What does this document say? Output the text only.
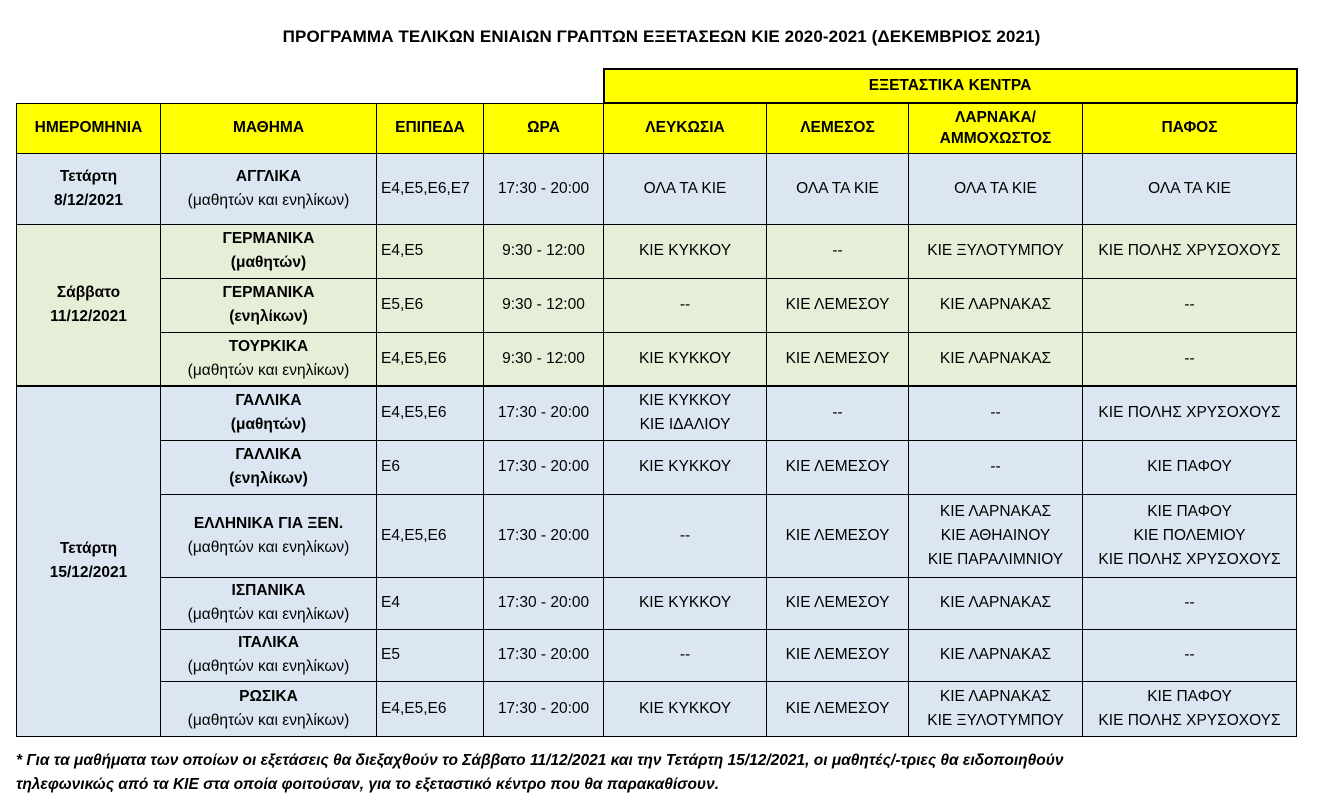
ΠΡΟΓΡΑΜΜΑ ΤΕΛΙΚΩΝ ΕΝΙΑΙΩΝ ΓΡΑΠΤΩΝ ΕΞΕΤΑΣΕΩΝ ΚΙΕ 2020-2021 (ΔΕΚΕΜΒΡΙΟΣ 2021)
				ΕΞΕΤΑΣΤΙΚΑ ΚΕΝΤΡΑ			
ΗΜΕΡΟΜΗΝΙΑ	ΜΑΘΗΜΑ	ΕΠΙΠΕΔΑ	ΩΡΑ	ΛΕΥΚΩΣΙΑ	ΛΕΜΕΣΟΣ	ΛΑΡΝΑΚΑ/
ΑΜΜΟΧΩΣΤΟΣ	ΠΑΦΟΣ

Τετάρτη
8/12/2021	ΑΓΓΛΙΚΑ
(μαθητών και ενηλίκων)	Ε4,Ε5,Ε6,Ε7	17:30 - 20:00	ΟΛΑ ΤΑ ΚΙΕ	ΟΛΑ ΤΑ ΚΙΕ	ΟΛΑ ΤΑ ΚΙΕ	ΟΛΑ ΤΑ ΚΙΕ

Σάββατο
11/12/2021	ΓΕΡΜΑΝΙΚΑ
(μαθητών)	Ε4,Ε5	9:30 - 12:00	ΚΙΕ ΚΥΚΚΟΥ	--	ΚΙΕ ΞΥΛΟΤΥΜΠΟΥ	ΚΙΕ ΠΟΛΗΣ ΧΡΥΣΟΧΟΥΣ

	ΓΕΡΜΑΝΙΚΑ
(ενηλίκων)	Ε5,Ε6	9:30 - 12:00	--	ΚΙΕ ΛΕΜΕΣΟΥ	ΚΙΕ ΛΑΡΝΑΚΑΣ	--

	ΤΟΥΡΚΙΚΑ
(μαθητών και ενηλίκων)	Ε4,Ε5,Ε6	9:30 - 12:00	ΚΙΕ ΚΥΚΚΟΥ	ΚΙΕ ΛΕΜΕΣΟΥ	ΚΙΕ ΛΑΡΝΑΚΑΣ	--

Τετάρτη
15/12/2021	ΓΑΛΛΙΚΑ
(μαθητών)	Ε4,Ε5,Ε6	17:30 - 20:00	ΚΙΕ ΚΥΚΚΟΥ
ΚΙΕ ΙΔΑΛΙΟΥ	--	--	ΚΙΕ ΠΟΛΗΣ ΧΡΥΣΟΧΟΥΣ

	ΓΑΛΛΙΚΑ
(ενηλίκων)	Ε6	17:30 - 20:00	ΚΙΕ ΚΥΚΚΟΥ	ΚΙΕ ΛΕΜΕΣΟΥ	--	ΚΙΕ ΠΑΦΟΥ

	ΕΛΛΗΝΙΚΑ ΓΙΑ ΞΕΝ.
(μαθητών και ενηλίκων)	Ε4,Ε5,Ε6	17:30 - 20:00	--	ΚΙΕ ΛΕΜΕΣΟΥ	ΚΙΕ ΛΑΡΝΑΚΑΣ
ΚΙΕ ΑΘΗΑΙΝΟΥ
ΚΙΕ ΠΑΡΑΛΙΜΝΙΟΥ	ΚΙΕ ΠΑΦΟΥ
ΚΙΕ ΠΟΛΕΜΙΟΥ
ΚΙΕ ΠΟΛΗΣ ΧΡΥΣΟΧΟΥΣ

	ΙΣΠΑΝΙΚΑ
(μαθητών και ενηλίκων)	Ε4	17:30 - 20:00	ΚΙΕ ΚΥΚΚΟΥ	ΚΙΕ ΛΕΜΕΣΟΥ	ΚΙΕ ΛΑΡΝΑΚΑΣ	--

	ΙΤΑΛΙΚΑ
(μαθητών και ενηλίκων)	Ε5	17:30 - 20:00	--	ΚΙΕ ΛΕΜΕΣΟΥ	ΚΙΕ ΛΑΡΝΑΚΑΣ	--

	ΡΩΣΙΚΑ
(μαθητών και ενηλίκων)	Ε4,Ε5,Ε6	17:30 - 20:00	ΚΙΕ ΚΥΚΚΟΥ	ΚΙΕ ΛΕΜΕΣΟΥ	ΚΙΕ ΛΑΡΝΑΚΑΣ
ΚΙΕ ΞΥΛΟΤΥΜΠΟΥ	ΚΙΕ ΠΑΦΟΥ
ΚΙΕ ΠΟΛΗΣ ΧΡΥΣΟΧΟΥΣ
* Για τα μαθήματα των οποίων οι εξετάσεις θα διεξαχθούν το Σάββατο 11/12/2021 και την Τετάρτη 15/12/2021, οι μαθητές/-τριες θα ειδοποιηθούν
τηλεφωνικώς από τα ΚΙΕ στα οποία φοιτούσαν, για το εξεταστικό κέντρο που θα παρακαθίσουν.
